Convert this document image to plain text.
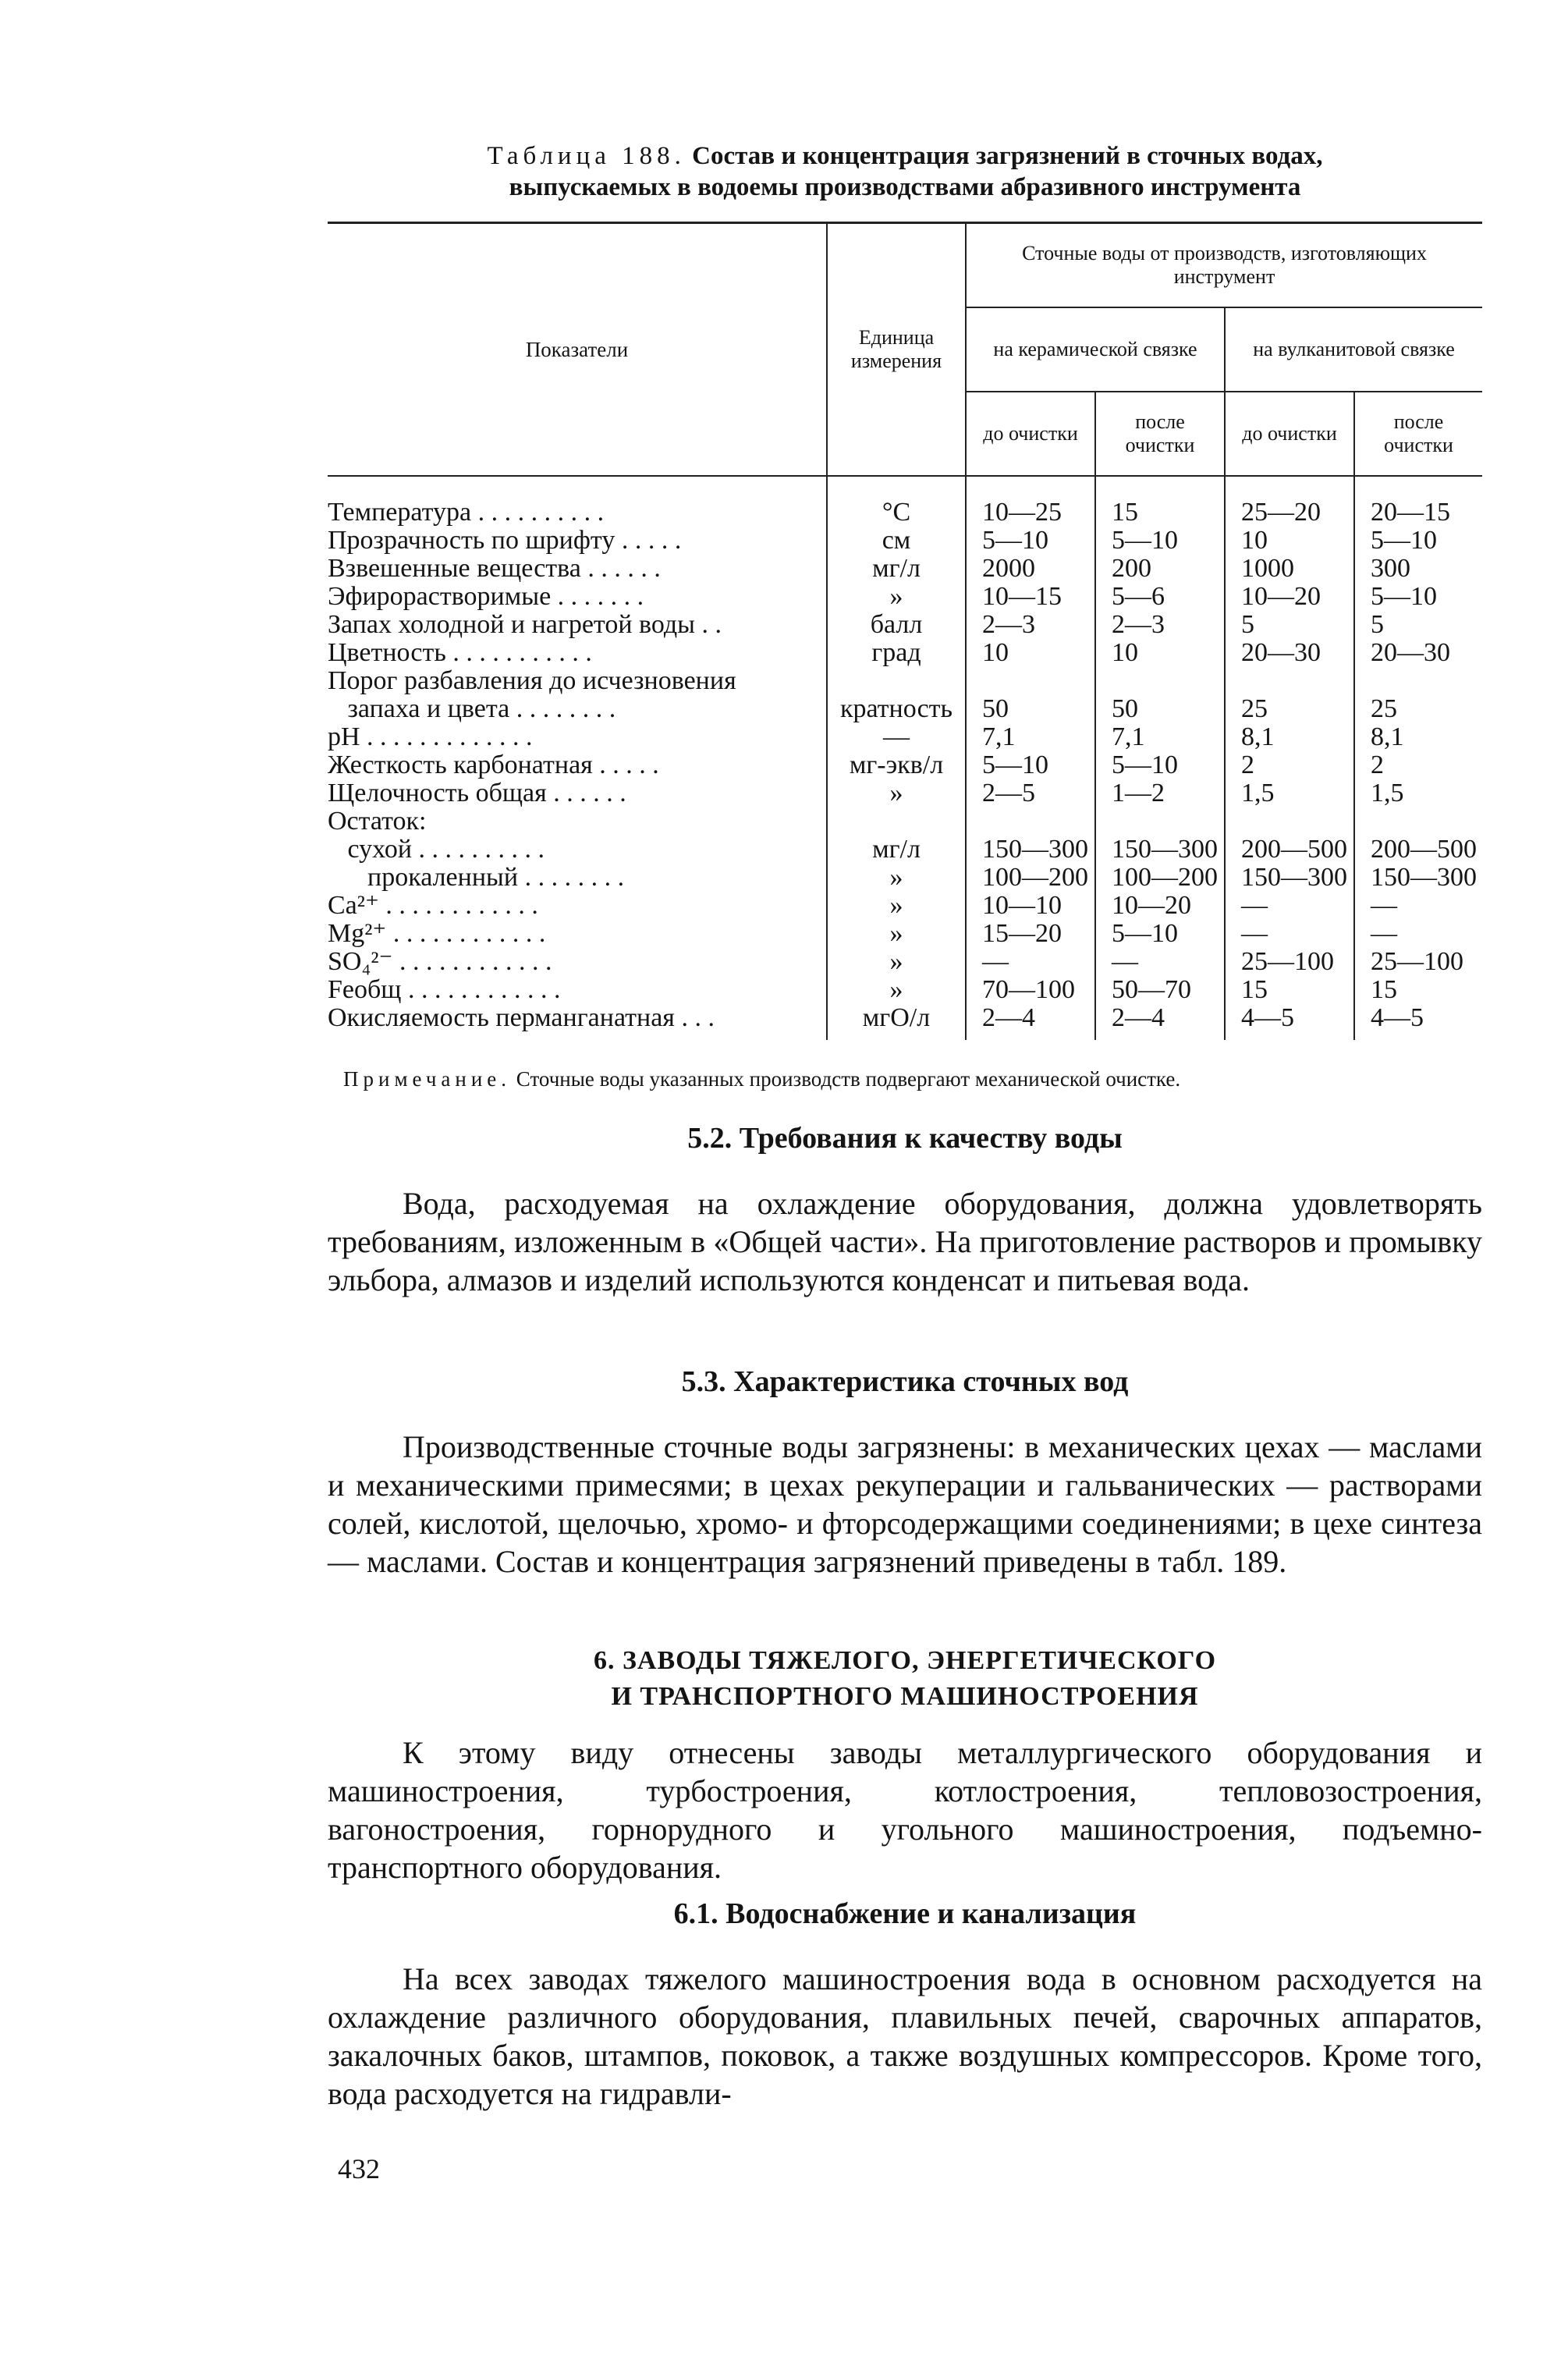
Таблица 188. Состав и концентрация загрязнений в сточных водах,
выпускаемых в водоемы производствами абразивного инструмента
Показатели	Единица измерения	Сточные воды от производств, изготовляющих инструмент			
		на керамической связке		на вулканитовой связке	
		до очистки	после очистки	до очистки	после очистки
Температура . . . . . . . . . .	°C	10—25	15	25—20	20—15
Прозрачность по шрифту . . . . .	см	5—10	5—10	10	5—10
Взвешенные вещества . . . . . .	мг/л	2000	200	1000	300
Эфирорастворимые . . . . . . .	»	10—15	5—6	10—20	5—10
Запах холодной и нагретой воды . .	балл	2—3	2—3	5	5
Цветность . . . . . . . . . . .	град	10	10	20—30	20—30
Порог разбавления до исчезновения					
запаха и цвета . . . . . . . .	кратность	50	50	25	25
pH . . . . . . . . . . . . .	—	7,1	7,1	8,1	8,1
Жесткость карбонатная . . . . .	мг-экв/л	5—10	5—10	2	2
Щелочность общая . . . . . .	»	2—5	1—2	1,5	1,5
Остаток:					
сухой . . . . . . . . . .	мг/л	150—300	150—300	200—500	200—500
прокаленный . . . . . . . .	»	100—200	100—200	150—300	150—300
Ca²⁺ . . . . . . . . . . . .	»	10—10	10—20	—	—
Mg²⁺ . . . . . . . . . . . .	»	15—20	5—10	—	—
SO₄²⁻ . . . . . . . . . . . .	»	—	—	25—100	25—100
Feобщ . . . . . . . . . . . .	»	70—100	50—70	15	15
Окисляемость перманганатная . . .	мгО/л	2—4	2—4	4—5	4—5
Примечание. Сточные воды указанных производств подвергают механической очистке.
5.2. Требования к качеству воды

Вода, расходуемая на охлаждение оборудования, должна удовлетворять требованиям, изложенным в «Общей части». На приготовление растворов и промывку эльбора, алмазов и изделий используются конденсат и питьевая вода.

5.3. Характеристика сточных вод

Производственные сточные воды загрязнены: в механических цехах — маслами и механическими примесями; в цехах рекуперации и гальванических — растворами солей, кислотой, щелочью, хромо- и фторсодержащими соединениями; в цехе синтеза — маслами. Состав и концентрация загрязнений приведены в табл. 189.

6. ЗАВОДЫ ТЯЖЕЛОГО, ЭНЕРГЕТИЧЕСКОГО
И ТРАНСПОРТНОГО МАШИНОСТРОЕНИЯ

К этому виду отнесены заводы металлургического оборудования и машиностроения, турбостроения, котлостроения, тепловозостроения, вагоностроения, горнорудного и угольного машиностроения, подъемно-транспортного оборудования.

6.1. Водоснабжение и канализация

На всех заводах тяжелого машиностроения вода в основном расходуется на охлаждение различного оборудования, плавильных печей, сварочных аппаратов, закалочных баков, штампов, поковок, а также воздушных компрессоров. Кроме того, вода расходуется на гидравли-

432
